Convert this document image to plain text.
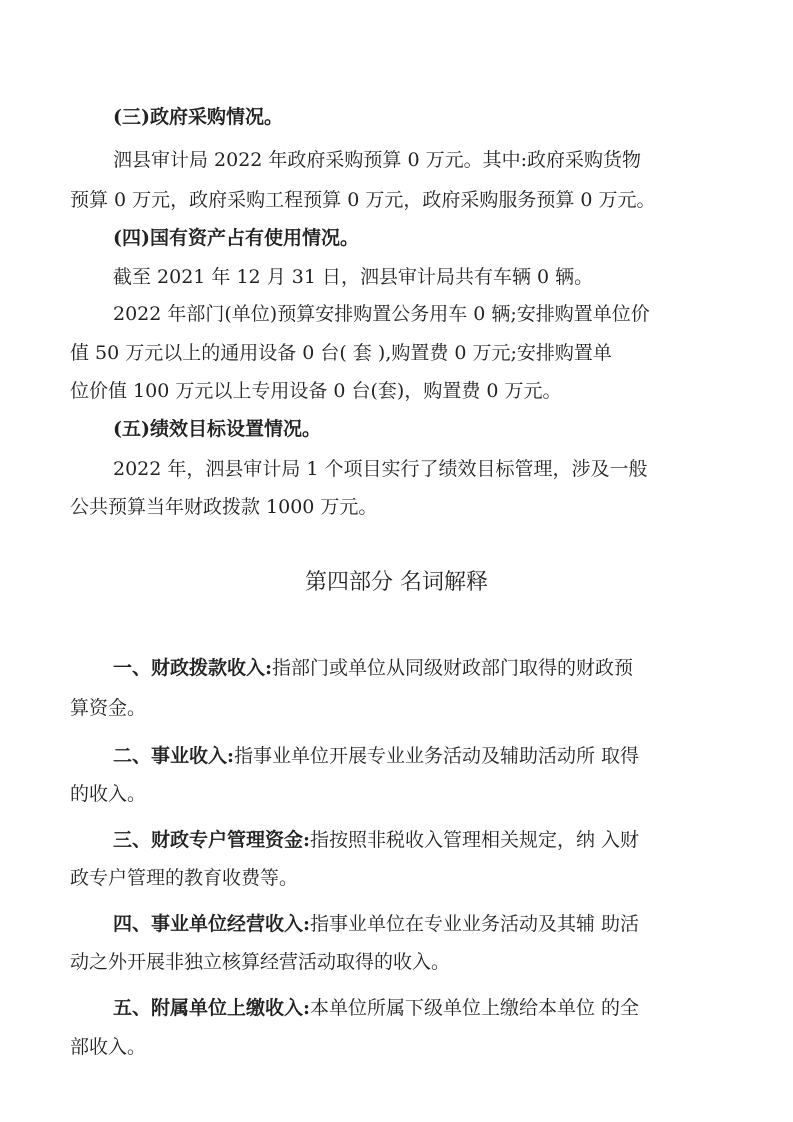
(三)政府采购情况。
泗县审计局 2022 年政府采购预算 0 万元。其中:政府采购货物
预算 0 万元，政府采购工程预算 0 万元，政府采购服务预算 0 万元。
(四)国有资产占有使用情况。
截至 2021 年 12 月 31 日，泗县审计局共有车辆 0 辆。
2022 年部门(单位)预算安排购置公务用车 0 辆;安排购置单位价
值 50 万元以上的通用设备 0 台( 套 ),购置费 0 万元;安排购置单
位价值 100 万元以上专用设备 0 台(套)，购置费 0 万元。
(五)绩效目标设置情况。
2022 年，泗县审计局 1 个项目实行了绩效目标管理，涉及一般
公共预算当年财政拨款 1000 万元。
第四部分 名词解释
一、财政拨款收入:指部门或单位从同级财政部门取得的财政预
算资金。
二、事业收入:指事业单位开展专业业务活动及辅助活动所 取得
的收入。
三、财政专户管理资金:指按照非税收入管理相关规定，纳 入财
政专户管理的教育收费等。
四、事业单位经营收入:指事业单位在专业业务活动及其辅 助活
动之外开展非独立核算经营活动取得的收入。
五、附属单位上缴收入:本单位所属下级单位上缴给本单位 的全
部收入。
